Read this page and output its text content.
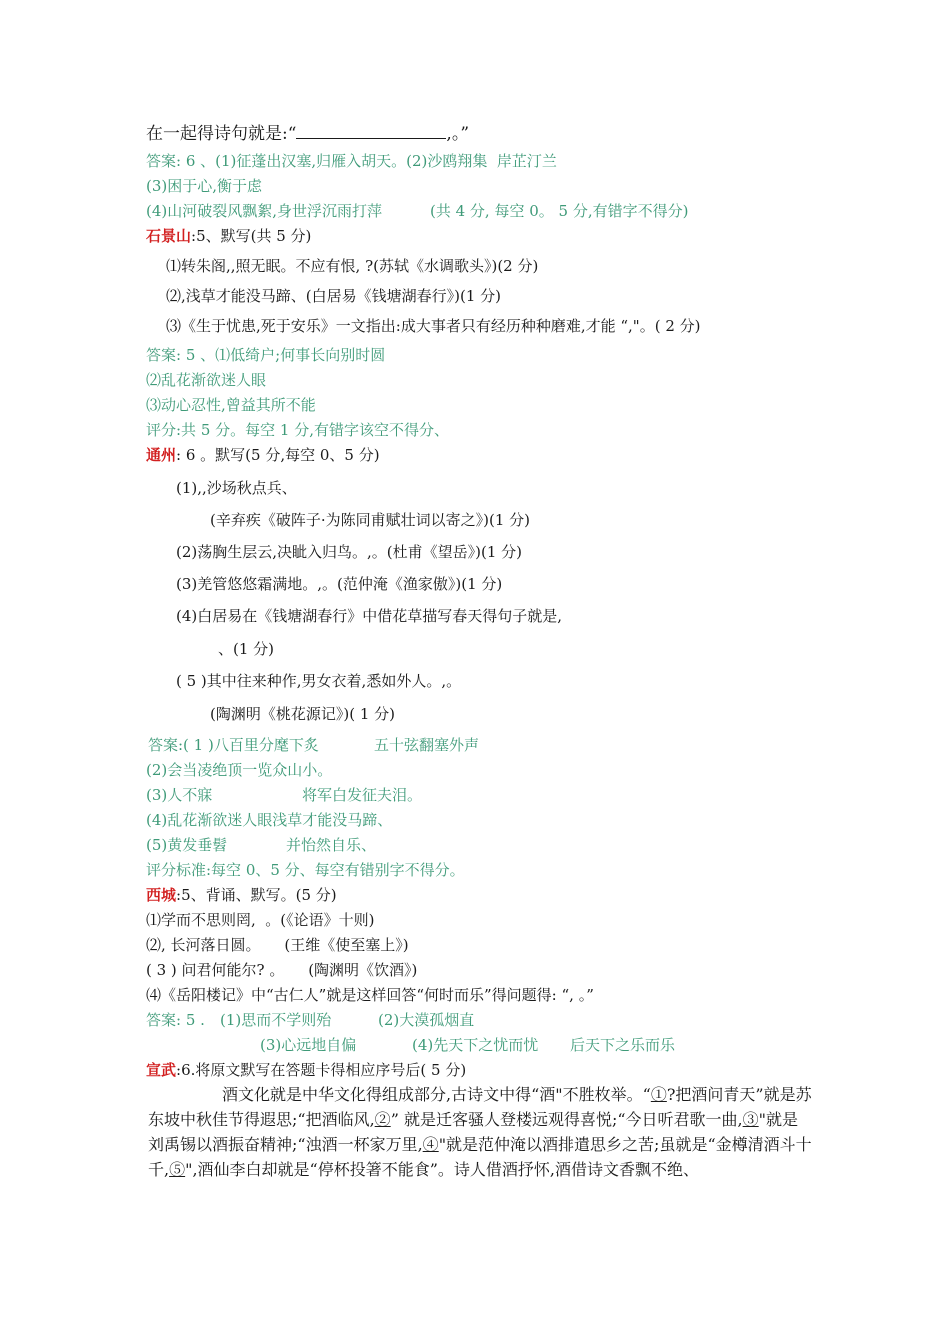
在一起得诗句就是:“	,。”
答案: 6 、(1)征蓬出汉塞,归雁入胡天。(2)沙鸥翔集  岸芷汀兰
(3)困于心,衡于虑
(4)山河破裂风飘絮,身世浮沉雨打萍	(共 4 分, 每空 0。 5 分,有错字不得分)
石景山:5、默写(共 5 分)
⑴转朱阁,,照无眠。不应有恨, ?(苏轼《水调歌头》)(2 分)
⑵,浅草才能没马蹄、(白居易《钱塘湖春行》)(1 分)
⑶《生于忧患,死于安乐》一文指出:成大事者只有经历种种磨难,才能 “,"。( 2 分)
答案: 5 、⑴低绮户;何事长向别时圆
⑵乱花渐欲迷人眼
⑶动心忍性,曾益其所不能
评分:共 5 分。每空 1 分,有错字该空不得分、
通州: 6 。默写(5 分,每空 0、5 分)
(1),,沙场秋点兵、
(辛弃疾《破阵子·为陈同甫赋壮词以寄之》)(1 分)
(2)荡胸生层云,决眦入归鸟。,。(杜甫《望岳》)(1 分)
(3)羌管悠悠霜满地。,。(范仲淹《渔家傲》)(1 分)
(4)白居易在《钱塘湖春行》中借花草描写春天得句子就是,
、(1 分)
( 5 )其中往来种作,男女衣着,悉如外人。,。
(陶渊明《桃花源记》)( 1 分)
答案:( 1 )八百里分麾下炙	五十弦翻塞外声
(2)会当凌绝顶一览众山小。
(3)人不寐	将军白发征夫泪。
(4)乱花渐欲迷人眼浅草才能没马蹄、
(5)黄发垂髫	并怡然自乐、
评分标准:每空 0、5 分、每空有错别字不得分。
西城:5、背诵、默写。(5 分)
⑴学而不思则罔,  。(《论语》十则)
⑵, 长河落日圆。     (王维《使至塞上》)
( 3 ) 问君何能尔? 。     (陶渊明《饮酒》)
⑷《岳阳楼记》中“古仁人”就是这样回答“何时而乐”得问题得: “, 。”
答案: 5 . (1)思而不学则殆	(2)大漠孤烟直
(3)心远地自偏	(4)先天下之忧而忧 后天下之乐而乐
宣武:6.将原文默写在答题卡得相应序号后( 5 分)
酒文化就是中华文化得组成部分,古诗文中得“酒"不胜枚举。“①?把酒问青天”就是苏东坡中秋佳节得遐思;“把酒临风,②” 就是迁客骚人登楼远观得喜悦;“今日听君歌一曲,③"就是刘禹锡以酒振奋精神;“浊酒一杯家万里,④"就是范仲淹以酒排遣思乡之苦;虽就是“金樽清酒斗十千,⑤",酒仙李白却就是“停杯投箸不能食”。诗人借酒抒怀,酒借诗文香飘不绝、
